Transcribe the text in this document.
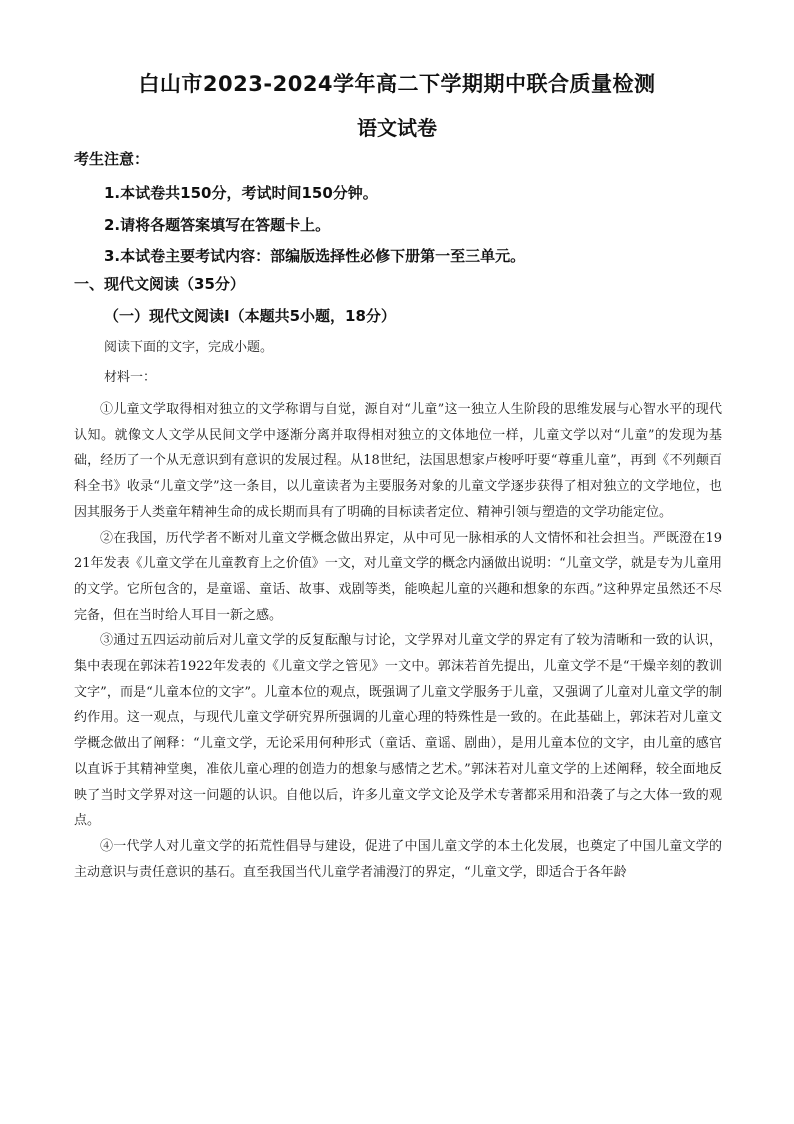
白山市2023-2024学年高二下学期期中联合质量检测
语文试卷
考生注意：
1.本试卷共150分，考试时间150分钟。
2.请将各题答案填写在答题卡上。
3.本试卷主要考试内容：部编版选择性必修下册第一至三单元。
一、现代文阅读（35分）
（一）现代文阅读Ⅰ（本题共5小题，18分）
阅读下面的文字，完成小题。
材料一：

①儿童文学取得相对独立的文学称谓与自觉，源自对“儿童”这一独立人生阶段的思维发展与心智水平的现代认知。就像文人文学从民间文学中逐渐分离并取得相对独立的文体地位一样，儿童文学以对“儿童”的发现为基础，经历了一个从无意识到有意识的发展过程。从18世纪，法国思想家卢梭呼吁要“尊重儿童”，再到《不列颠百科全书》收录“儿童文学”这一条目，以儿童读者为主要服务对象的儿童文学逐步获得了相对独立的文学地位，也因其服务于人类童年精神生命的成长期而具有了明确的目标读者定位、精神引领与塑造的文学功能定位。

②在我国，历代学者不断对儿童文学概念做出界定，从中可见一脉相承的人文情怀和社会担当。严既澄在1921年发表《儿童文学在儿童教育上之价值》一文，对儿童文学的概念内涵做出说明：“儿童文学，就是专为儿童用的文学。它所包含的，是童谣、童话、故事、戏剧等类，能唤起儿童的兴趣和想象的东西。”这种界定虽然还不尽完备，但在当时给人耳目一新之感。

③通过五四运动前后对儿童文学的反复酝酿与讨论，文学界对儿童文学的界定有了较为清晰和一致的认识，集中表现在郭沫若1922年发表的《儿童文学之管见》一文中。郭沫若首先提出，儿童文学不是“干燥辛刻的教训文字”，而是“儿童本位的文字”。儿童本位的观点，既强调了儿童文学服务于儿童，又强调了儿童对儿童文学的制约作用。这一观点，与现代儿童文学研究界所强调的儿童心理的特殊性是一致的。在此基础上，郭沫若对儿童文学概念做出了阐释：“儿童文学，无论采用何种形式（童话、童谣、剧曲），是用儿童本位的文字，由儿童的感官以直诉于其精神堂奥，准依儿童心理的创造力的想象与感情之艺术。”郭沫若对儿童文学的上述阐释，较全面地反映了当时文学界对这一问题的认识。自他以后，许多儿童文学文论及学术专著都采用和沿袭了与之大体一致的观点。

④一代学人对儿童文学的拓荒性倡导与建设，促进了中国儿童文学的本土化发展，也奠定了中国儿童文学的主动意识与责任意识的基石。直至我国当代儿童学者浦漫汀的界定，“儿童文学，即适合于各年龄
